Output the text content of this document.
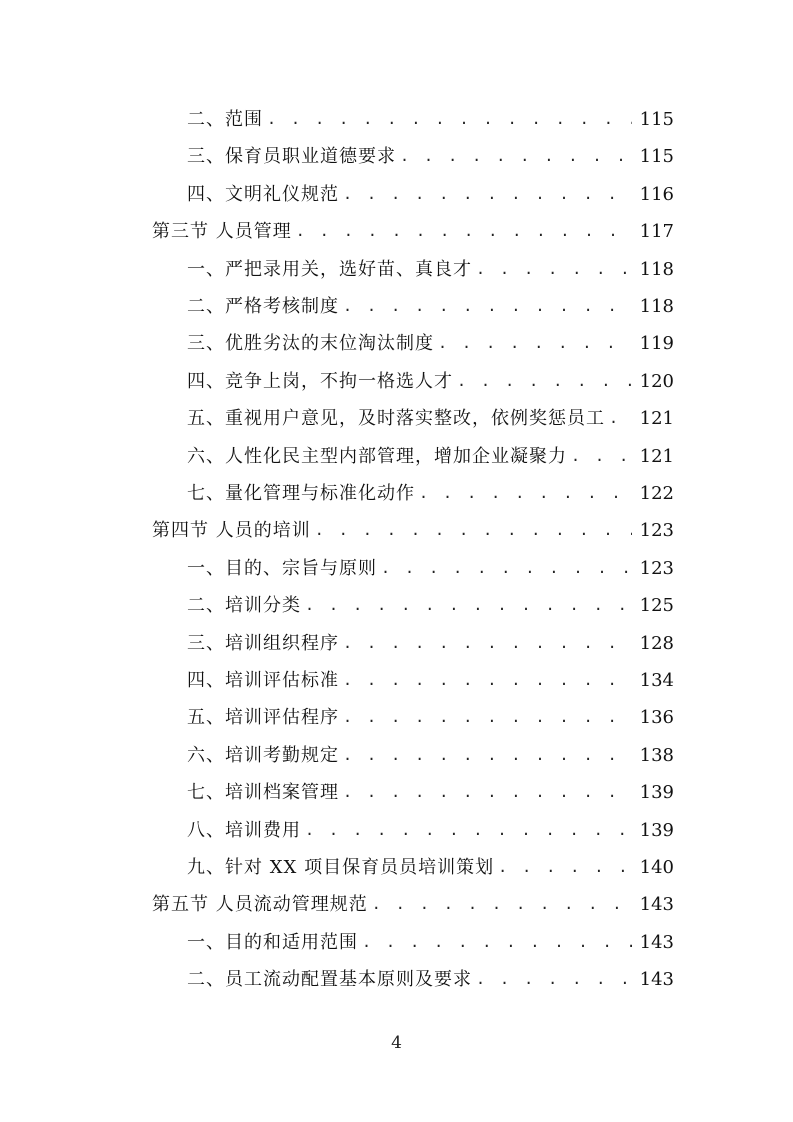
二、范围 . . .	115
三、保育员职业道德要求 . . .	115
四、文明礼仪规范 . . .	116
第三节 人员管理 . . .	117
一、严把录用关，选好苗、真良才 . . .	118
二、严格考核制度 . . .	118
三、优胜劣汰的末位淘汰制度 . . .	119
四、竞争上岗，不拘一格选人才 . . .	120
五、重视用户意见，及时落实整改，依例奖惩员工 . . . 121
六、人性化民主型内部管理，增加企业凝聚力 . . .	121
七、量化管理与标准化动作 . . .	122
第四节 人员的培训 . . .	123
一、目的、宗旨与原则 . . .	123
二、培训分类 . . .	125
三、培训组织程序 . . .	128
四、培训评估标准 . . .	134
五、培训评估程序 . . .	136
六、培训考勤规定 . . .	138
七、培训档案管理 . . .	139
八、培训费用 . . .	139
九、针对 XX 项目保育员员培训策划 . . .	140
第五节 人员流动管理规范 . . .	143
一、目的和适用范围 . . .	143
二、员工流动配置基本原则及要求 . . .	143
4
